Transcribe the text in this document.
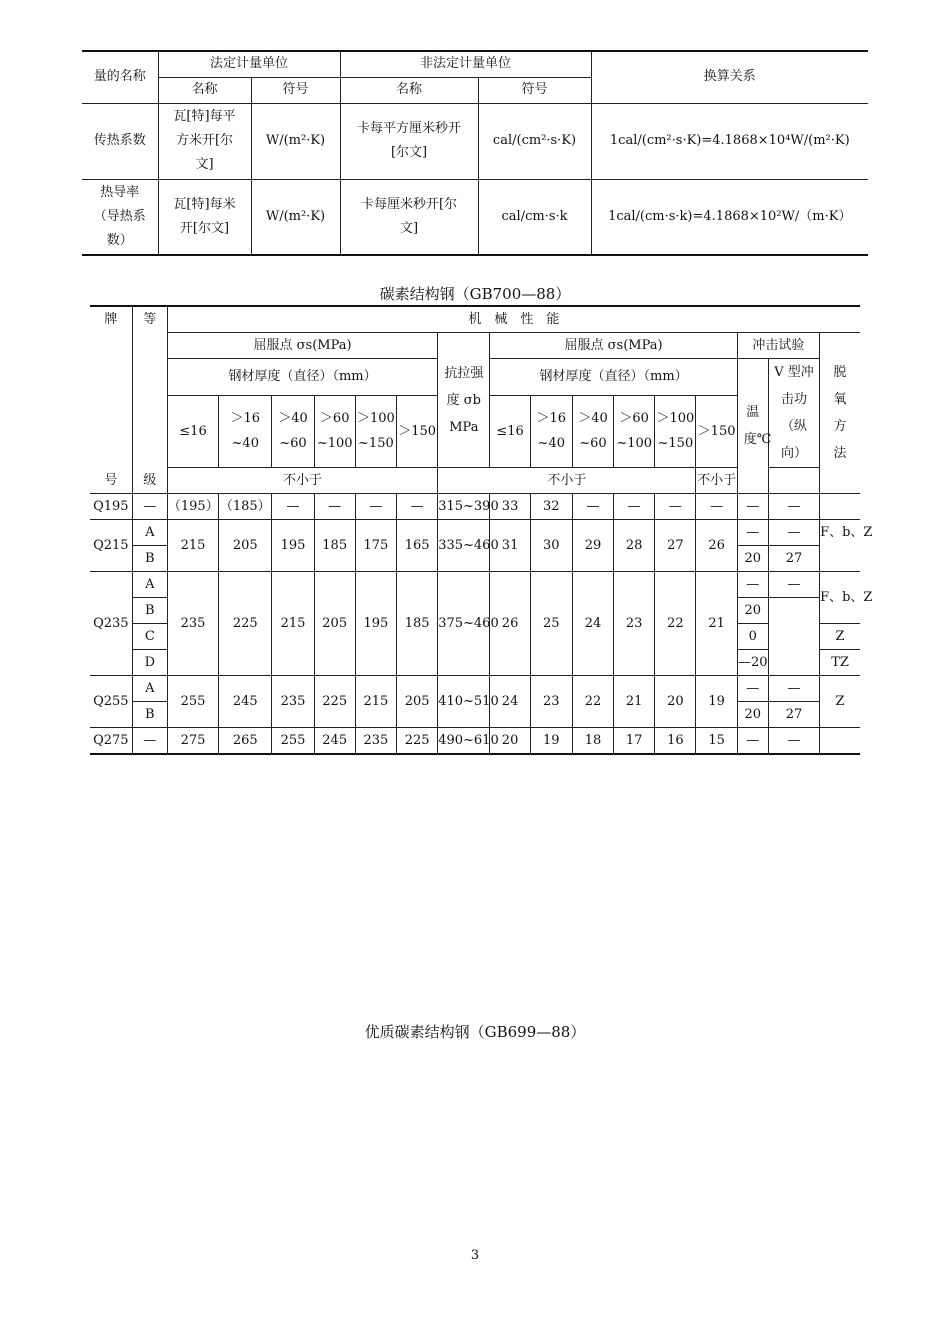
量的名称	法定计量单位		非法定计量单位		换算关系
	名称	符号	名称	符号	
传热系数	瓦[特]每平方米开[尔文]	W/(m²·K)	卡每平方厘米秒开[尔文]	cal/(cm²·s·K)	1cal/(cm²·s·K)=4.1868×10⁴W/(m²·K)
热导率（导热系数）	瓦[特]每米开[尔文]	W/(m²·K)	卡每厘米秒开[尔文]	cal/cm·s·k	1cal/(cm·s·k)=4.1868×10²W/（m·K）
碳素结构钢（GB700—88）
牌	等	机　械　性　能															
		屈服点 σs(MPa)						抗拉强度 σb MPa	屈服点 σs(MPa)						冲击试验		脱氧方法
		钢材厚度（直径）（mm）							钢材厚度（直径）（mm）						温度℃	V 型冲击功（纵向）	
		≤16	＞16 ~40	＞40 ~60	＞60 ~100	＞100 ~150	＞150		≤16	＞16 ~40	＞40 ~60	＞60 ~100	＞100 ~150	＞150			
号	级	不小于						不小于						不小于			
Q195	—	（195）	（185）	—	—	—	—	315~390	33	32	—	—	—	—	—	—	
Q215	A	215	205	195	185	175	165	335~460	31	30	29	28	27	26	—	—	F、b、Z
	B														20	27	
Q235	A	235	225	215	205	195	185	375~460	26	25	24	23	22	21	—	—	F、b、Z
	B														20		
	C														0		Z
	D														—20		TZ
Q255	A	255	245	235	225	215	205	410~510	24	23	22	21	20	19	—	—	Z
	B														20	27	
Q275	—	275	265	255	245	235	225	490~610	20	19	18	17	16	15	—	—	
优质碳素结构钢（GB699—88）
3
